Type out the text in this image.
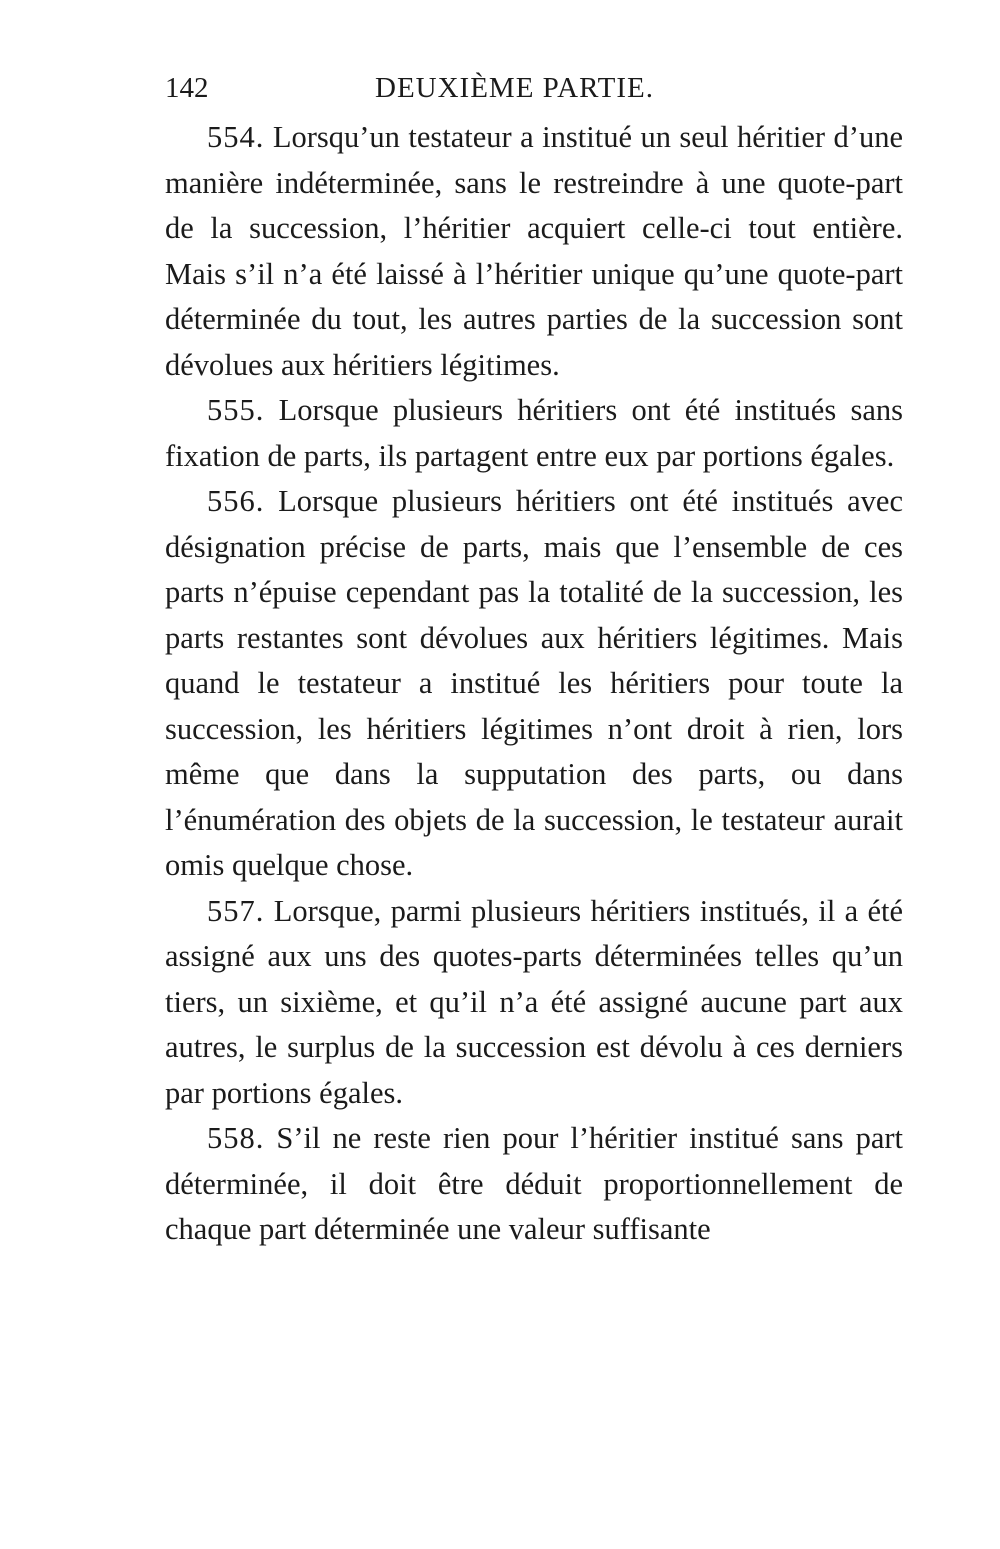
142	DEUXIÈME PARTIE.

554. Lorsqu’un testateur a institué un seul héritier d’une manière indéterminée, sans le restreindre à une quote-part de la succession, l’héritier acquiert celle-ci tout entière. Mais s’il n’a été laissé à l’héritier unique qu’une quote-part déterminée du tout, les autres parties de la succession sont dévolues aux héritiers légitimes.

555. Lorsque plusieurs héritiers ont été institués sans fixation de parts, ils partagent entre eux par portions égales.

556. Lorsque plusieurs héritiers ont été institués avec désignation précise de parts, mais que l’ensemble de ces parts n’épuise cependant pas la totalité de la succession, les parts restantes sont dévolues aux héritiers légitimes. Mais quand le testateur a institué les héritiers pour toute la succession, les héritiers légitimes n’ont droit à rien, lors même que dans la supputation des parts, ou dans l’énumération des objets de la succession, le testateur aurait omis quelque chose.

557. Lorsque, parmi plusieurs héritiers institués, il a été assigné aux uns des quotes-parts déterminées telles qu’un tiers, un sixième, et qu’il n’a été assigné aucune part aux autres, le surplus de la succession est dévolu à ces derniers par portions égales.

558. S’il ne reste rien pour l’héritier institué sans part déterminée, il doit être déduit proportionnellement de chaque part déterminée une valeur suffisante
